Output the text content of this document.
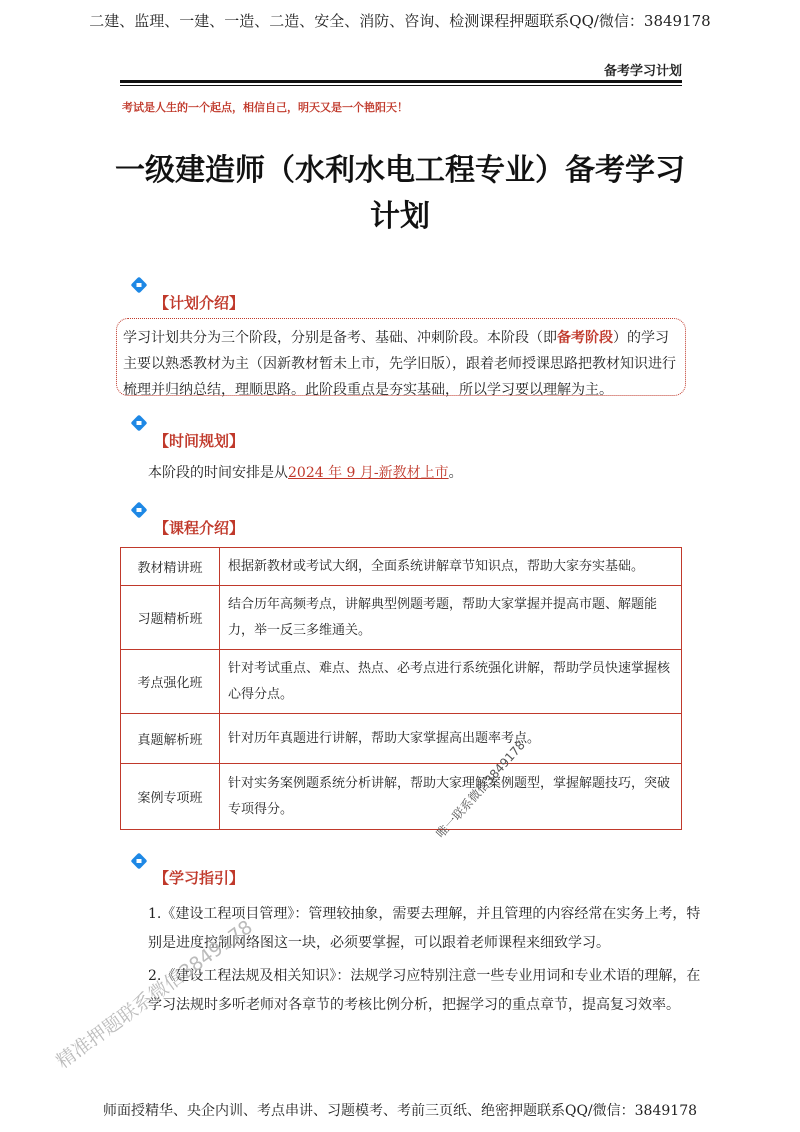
二建、监理、一建、一造、二造、安全、消防、咨询、检测课程押题联系QQ/微信：3849178
备考学习计划
考试是人生的一个起点，相信自己，明天又是一个艳阳天！
一级建造师（水利水电工程专业）备考学习
计划
【计划介绍】
学习计划共分为三个阶段，分别是备考、基础、冲刺阶段。本阶段（即备考阶段）的学习主要以熟悉教材为主（因新教材暂未上市，先学旧版），跟着老师授课思路把教材知识进行梳理并归纳总结，理顺思路。此阶段重点是夯实基础，所以学习要以理解为主。
【时间规划】
本阶段的时间安排是从2024 年 9 月-新教材上市。
【课程介绍】
教材精讲班	根据新教材或考试大纲，全面系统讲解章节知识点，帮助大家夯实基础。
习题精析班	结合历年高频考点，讲解典型例题考题，帮助大家掌握并提高市题、解题能力，举一反三多维通关。
考点强化班	针对考试重点、难点、热点、必考点进行系统强化讲解，帮助学员快速掌握核心得分点。
真题解析班	针对历年真题进行讲解，帮助大家掌握高出题率考点。
案例专项班	针对实务案例题系统分析讲解，帮助大家理解案例题型，掌握解题技巧，突破专项得分。
【学习指引】
1.《建设工程项目管理》：管理较抽象，需要去理解，并且管理的内容经常在实务上考，特别是进度控制网络图这一块，必须要掌握，可以跟着老师课程来细致学习。
2.《建设工程法规及相关知识》：法规学习应特别注意一些专业用词和专业术语的理解，在学习法规时多听老师对各章节的考核比例分析，把握学习的重点章节，提高复习效率。
唯一联系微信3849178
精准押题联系微信3849178
师面授精华、央企内训、考点串讲、习题模考、考前三页纸、绝密押题联系QQ/微信：3849178
